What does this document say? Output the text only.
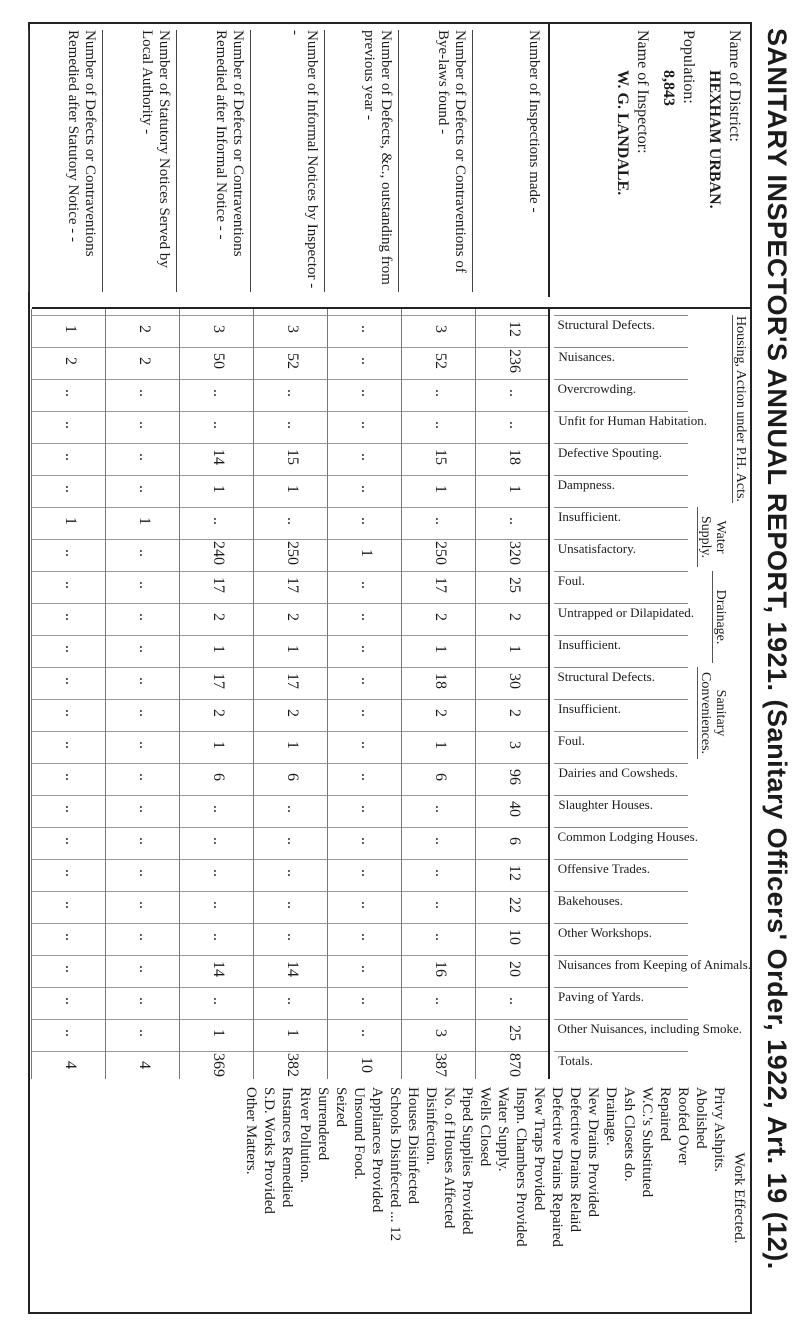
SANITARY INSPECTOR'S ANNUAL REPORT, 1921. (Sanitary Officers' Order, 1922, Art. 19 (12).
Name of District:
HEXHAM URBAN.
Population:
8,843
Name of Inspector:
W. G. LANDALE.
Number of Inspections made -
Number of Defects or Contraventions of Bye-laws found -
Number of Defects, &c., outstanding from previous year -
Number of Informal Notices by Inspector - -
Number of Defects or Contraventions Remedied after Informal Notice - -
Number of Statutory Notices Served by Local Authority -
Number of Defects or Contraventions Remedied after Statutory Notice - -
Housing, Action under P.H. Acts.
Water Supply.
Drainage.
Sanitary Conveniences.
Structural Defects.
Nuisances.
Overcrowding.
Unfit for Human Habitation.
Defective Spouting.
Dampness.
Insufficient.
Unsatisfactory.
Foul.
Untrapped or Dilapidated.
Insufficient.
Structural Defects.
Insufficient.
Foul.
Dairies and Cowsheds.
Slaughter Houses.
Common Lodging Houses.
Offensive Trades.
Bakehouses.
Other Workshops.
Nuisances from Keeping of Animals.
Paving of Yards.
Other Nuisances, including Smoke.
Totals.
12
236
..
..
18
1
..
320
25
2
1
30
2
3
96
40
6
12
22
10
20
..
25
870
3
52
..
..
15
1
..
250
17
2
1
18
2
1
6
..
..
..
..
..
16
..
3
387
..
..
..
..
..
..
..
1
..
..
..
..
..
..
..
..
..
..
..
..
..
..
..
10
3
52
..
..
15
1
..
250
17
2
1
17
2
1
6
..
..
..
..
..
14
..
1
382
3
50
..
..
14
1
..
240
17
2
1
17
2
1
6
..
..
..
..
..
14
..
1
369
2
2
..
..
..
..
1
..
..
..
..
..
..
..
..
..
..
..
..
..
..
..
..
4
1
2
..
..
..
..
1
..
..
..
..
..
..
..
..
..
..
..
..
..
..
..
..
4
Work Effected.
Privy Ashpits.
Abolished
Roofed Over
Repaired
W.C.'s Substituted
Ash Closets do.
Drainage.
New Drains Provided
Defective Drains Relaid
Defective Drains Repaired
New Traps Provided
Inspn. Chambers Provided
Water Supply.
Wells Closed
Piped Supplies Provided
No. of Houses Affected
Disinfection.
Houses Disinfected
Schools Disinfected ... 12
Appliances Provided
Unsound Food.
Seized
Surrendered
River Pollution.
Instances Remedied
S.D. Works Provided
Other Matters.
